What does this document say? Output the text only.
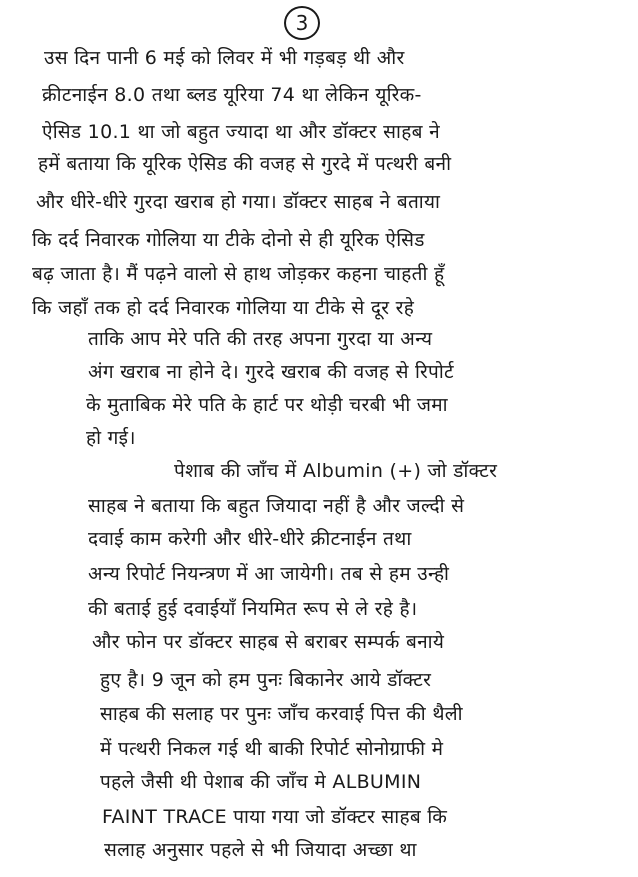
3
उस दिन पानी 6 मई को लिवर में भी गड़बड़ थी और
क्रीटनाईन 8.0 तथा ब्लड यूरिया 74 था लेकिन यूरिक-
ऐसिड 10.1 था जो बहुत ज्यादा था और डॉक्टर साहब ने
हमें बताया कि यूरिक ऐसिड की वजह से गुरदे में पत्थरी बनी
और धीरे-धीरे गुरदा खराब हो गया। डॉक्टर साहब ने बताया
कि दर्द निवारक गोलिया या टीके दोनो से ही यूरिक ऐसिड
बढ़ जाता है। मैं पढ़ने वालो से हाथ जोड़कर कहना चाहती हूँ
कि जहाँ तक हो दर्द निवारक गोलिया या टीके से दूर रहे
ताकि आप मेरे पति की तरह अपना गुरदा या अन्य
अंग खराब ना होने दे। गुरदे खराब की वजह से रिपोर्ट
के मुताबिक मेरे पति के हार्ट पर थोड़ी चरबी भी जमा
हो गई।
पेशाब की जाँच में Albumin (+) जो डॉक्टर
साहब ने बताया कि बहुत जियादा नहीं है और जल्दी से
दवाई काम करेगी और धीरे-धीरे क्रीटनाईन तथा
अन्य रिपोर्ट नियन्त्रण में आ जायेगी। तब से हम उन्ही
की बताई हुई दवाईयाँ नियमित रूप से ले रहे है।
और फोन पर डॉक्टर साहब से बराबर सम्पर्क बनाये
हुए है। 9 जून को हम पुनः बिकानेर आये डॉक्टर
साहब की सलाह पर पुनः जाँच करवाई पित्त की थैली
में पत्थरी निकल गई थी बाकी रिपोर्ट सोनोग्राफी मे
पहले जैसी थी पेशाब की जाँच मे ALBUMIN
FAINT TRACE पाया गया जो डॉक्टर साहब कि
सलाह अनुसार पहले से भी जियादा अच्छा था
